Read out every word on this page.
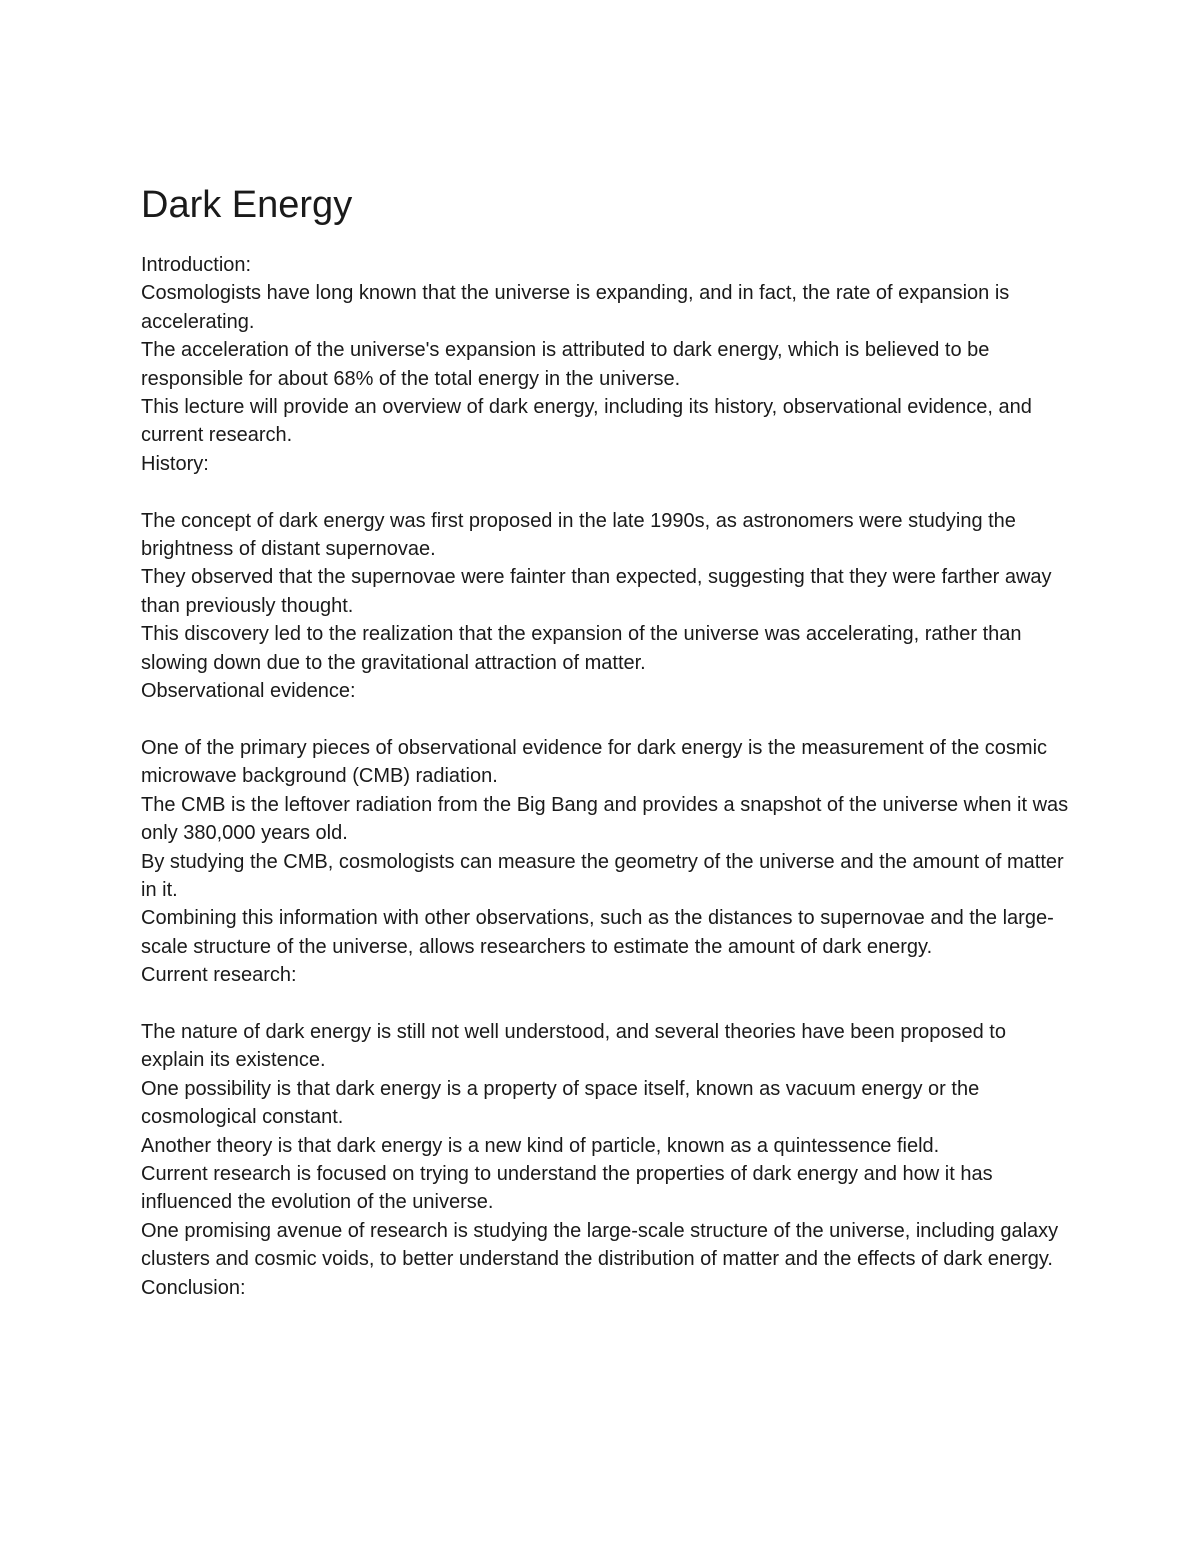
Dark Energy

Introduction:

Cosmologists have long known that the universe is expanding, and in fact, the rate of expansion is accelerating.

The acceleration of the universe's expansion is attributed to dark energy, which is believed to be responsible for about 68% of the total energy in the universe.

This lecture will provide an overview of dark energy, including its history, observational evidence, and current research.

History:

The concept of dark energy was first proposed in the late 1990s, as astronomers were studying the brightness of distant supernovae.

They observed that the supernovae were fainter than expected, suggesting that they were farther away than previously thought.

This discovery led to the realization that the expansion of the universe was accelerating, rather than slowing down due to the gravitational attraction of matter.

Observational evidence:

One of the primary pieces of observational evidence for dark energy is the measurement of the cosmic microwave background (CMB) radiation.

The CMB is the leftover radiation from the Big Bang and provides a snapshot of the universe when it was only 380,000 years old.

By studying the CMB, cosmologists can measure the geometry of the universe and the amount of matter in it.

Combining this information with other observations, such as the distances to supernovae and the large-scale structure of the universe, allows researchers to estimate the amount of dark energy.

Current research:

The nature of dark energy is still not well understood, and several theories have been proposed to explain its existence.

One possibility is that dark energy is a property of space itself, known as vacuum energy or the cosmological constant.

Another theory is that dark energy is a new kind of particle, known as a quintessence field.

Current research is focused on trying to understand the properties of dark energy and how it has influenced the evolution of the universe.

One promising avenue of research is studying the large-scale structure of the universe, including galaxy clusters and cosmic voids, to better understand the distribution of matter and the effects of dark energy.

Conclusion:
